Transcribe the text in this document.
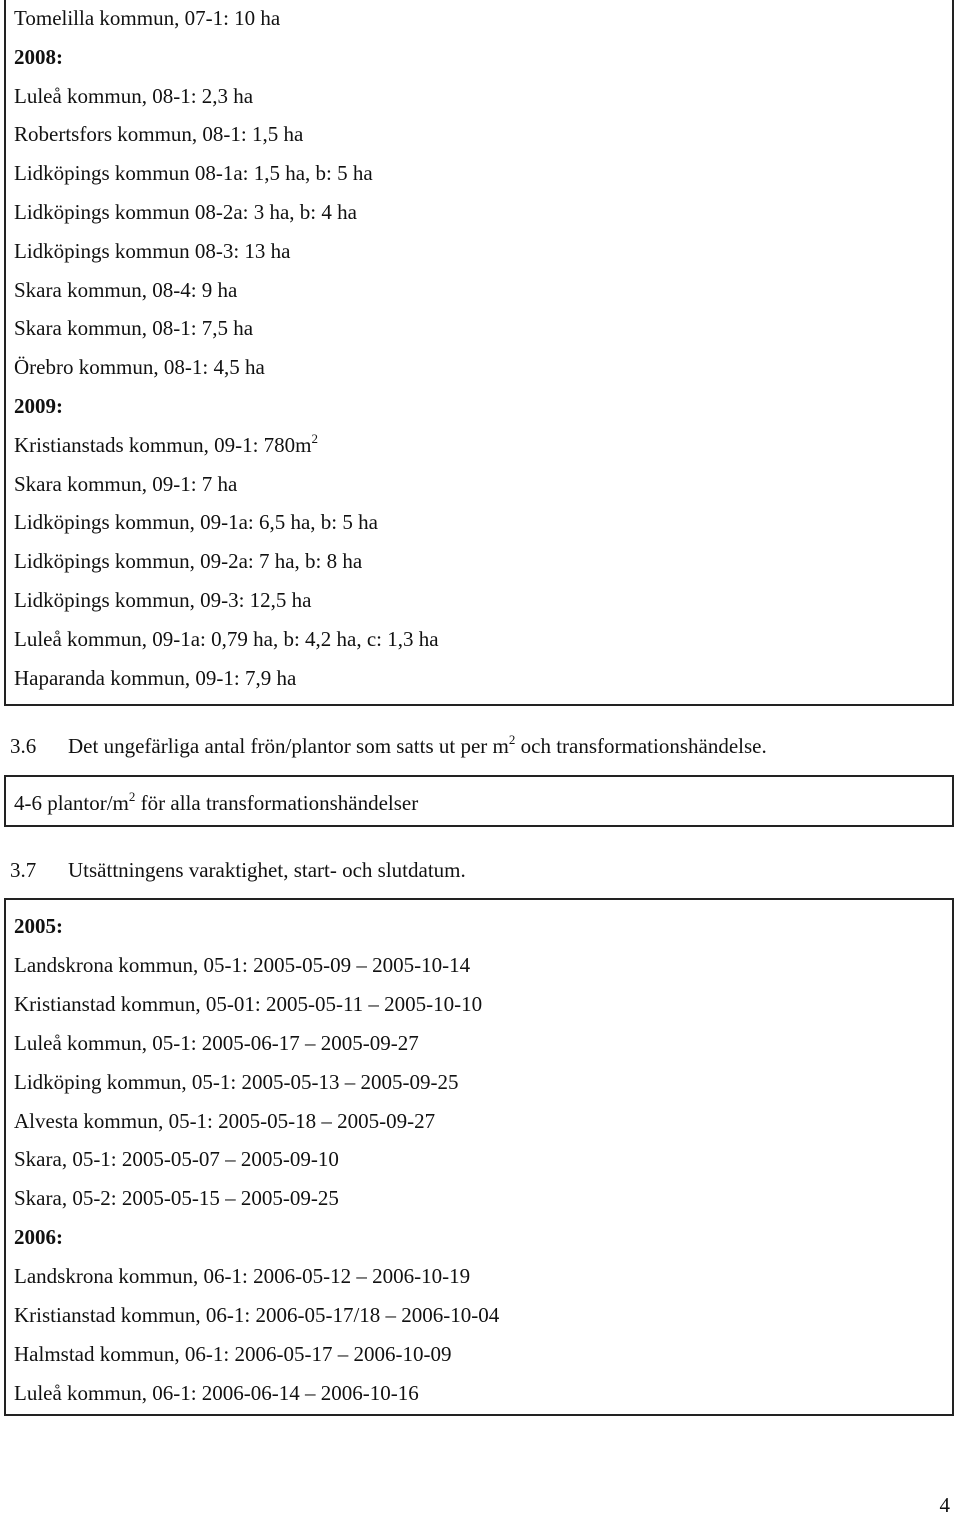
Tomelilla kommun, 07-1: 10 ha
2008:
Luleå kommun, 08-1: 2,3 ha
Robertsfors kommun, 08-1: 1,5 ha
Lidköpings kommun 08-1a: 1,5 ha, b: 5 ha
Lidköpings kommun 08-2a: 3 ha, b: 4 ha
Lidköpings kommun 08-3: 13 ha
Skara kommun, 08-4: 9 ha
Skara kommun, 08-1: 7,5 ha
Örebro kommun, 08-1: 4,5 ha
2009:
Kristianstads kommun, 09-1: $780m^2$
Skara kommun, 09-1: 7 ha
Lidköpings kommun, 09-1a: 6,5 ha, b: 5 ha
Lidköpings kommun, 09-2a: 7 ha, b: 8 ha
Lidköpings kommun, 09-3: 12,5 ha
Luleå kommun, 09-1a: 0,79 ha, b: 4,2 ha, c: 1,3 ha
Haparanda kommun, 09-1: 7,9 ha
3.6 Det ungefärliga antal frön/plantor som satts ut per $m^2$ och transformationshändelse.
4-6 plantor/$m^2$ för alla transformationshändelser
3.7 Utsättningens varaktighet, start- och slutdatum.
2005:
Landskrona kommun, 05-1: 2005-05-09 – 2005-10-14
Kristianstad kommun, 05-01: 2005-05-11 – 2005-10-10
Luleå kommun, 05-1: 2005-06-17 – 2005-09-27
Lidköping kommun, 05-1: 2005-05-13 – 2005-09-25
Alvesta kommun, 05-1: 2005-05-18 – 2005-09-27
Skara, 05-1: 2005-05-07 – 2005-09-10
Skara, 05-2: 2005-05-15 – 2005-09-25
2006:
Landskrona kommun, 06-1: 2006-05-12 – 2006-10-19
Kristianstad kommun, 06-1: 2006-05-17/18 – 2006-10-04
Halmstad kommun, 06-1: 2006-05-17 – 2006-10-09
Luleå kommun, 06-1: 2006-06-14 – 2006-10-16
4
